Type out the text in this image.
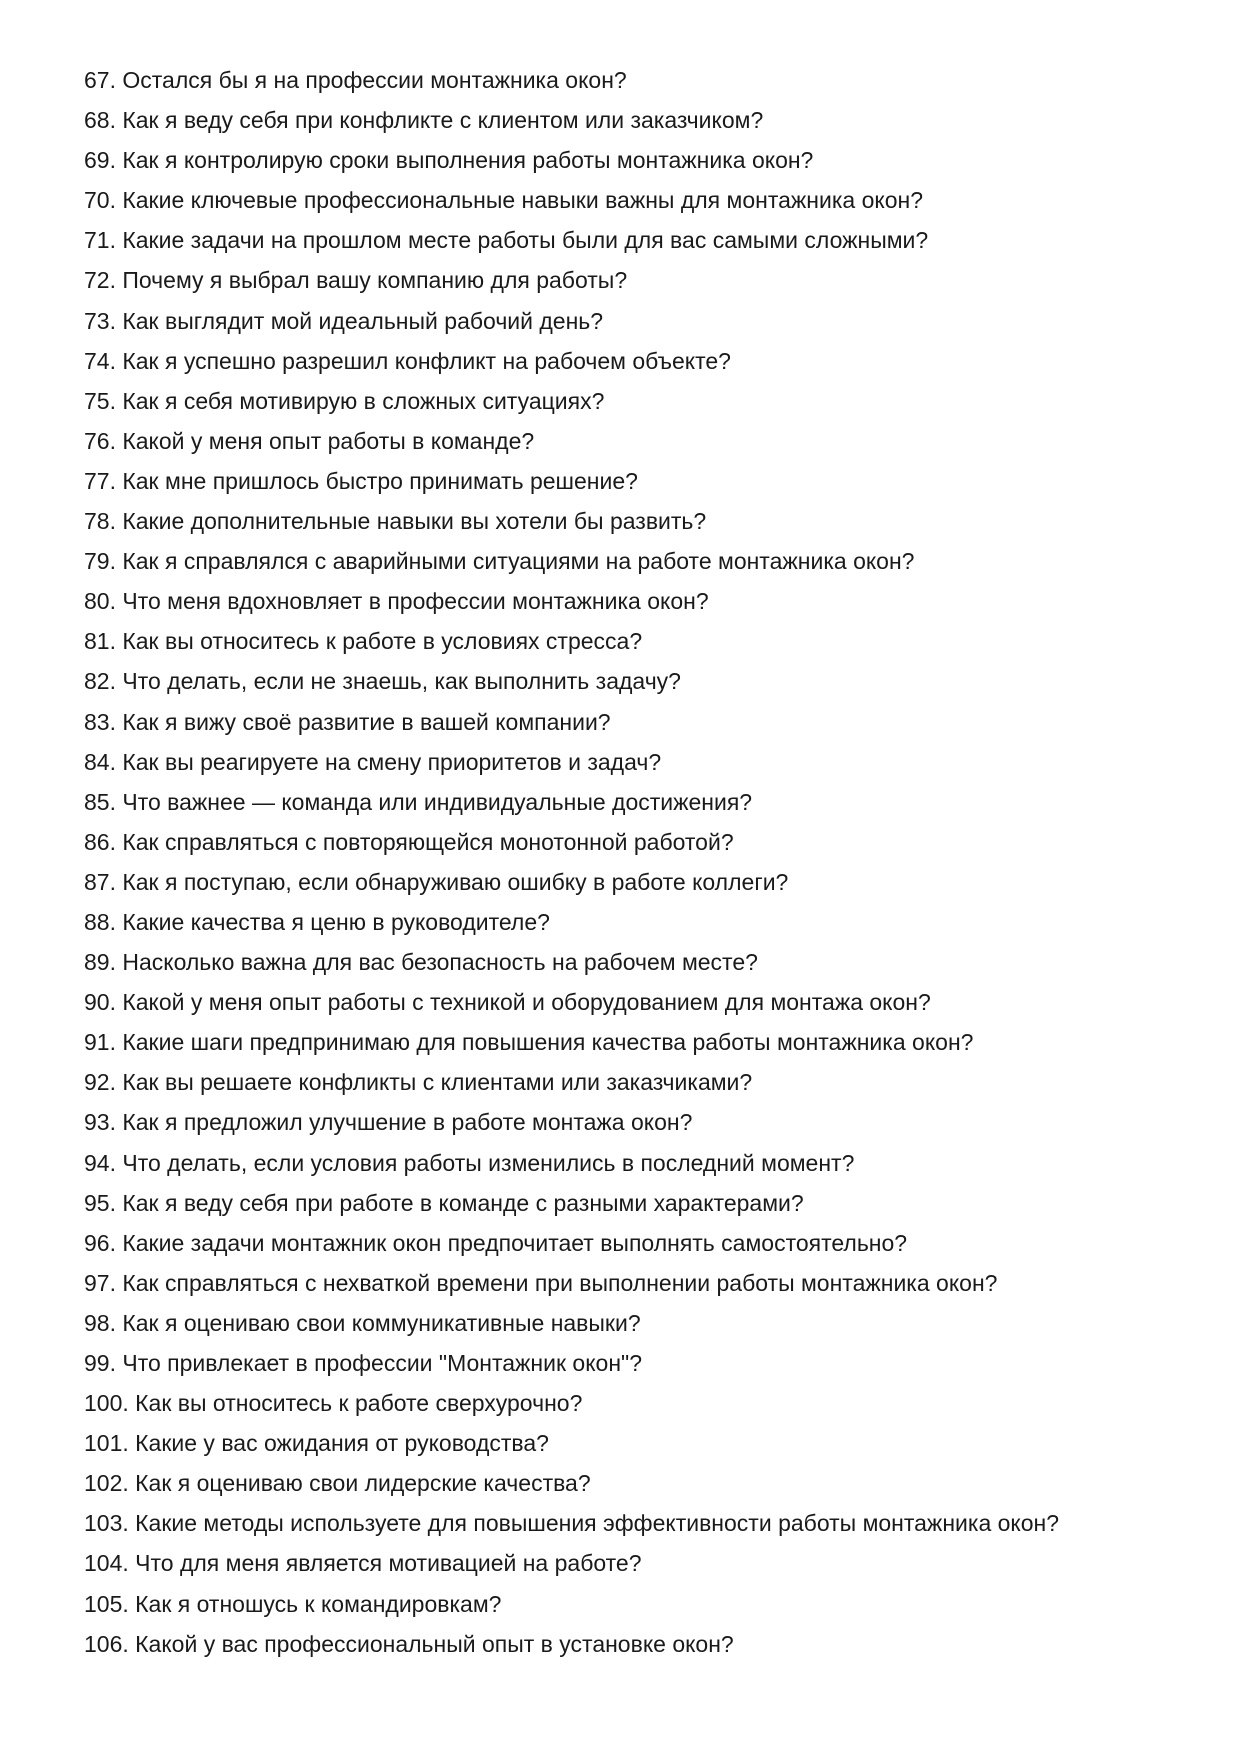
67. Остался бы я на профессии монтажника окон?
68. Как я веду себя при конфликте с клиентом или заказчиком?
69. Как я контролирую сроки выполнения работы монтажника окон?
70. Какие ключевые профессиональные навыки важны для монтажника окон?
71. Какие задачи на прошлом месте работы были для вас самыми сложными?
72. Почему я выбрал вашу компанию для работы?
73. Как выглядит мой идеальный рабочий день?
74. Как я успешно разрешил конфликт на рабочем объекте?
75. Как я себя мотивирую в сложных ситуациях?
76. Какой у меня опыт работы в команде?
77. Как мне пришлось быстро принимать решение?
78. Какие дополнительные навыки вы хотели бы развить?
79. Как я справлялся с аварийными ситуациями на работе монтажника окон?
80. Что меня вдохновляет в профессии монтажника окон?
81. Как вы относитесь к работе в условиях стресса?
82. Что делать, если не знаешь, как выполнить задачу?
83. Как я вижу своё развитие в вашей компании?
84. Как вы реагируете на смену приоритетов и задач?
85. Что важнее — команда или индивидуальные достижения?
86. Как справляться с повторяющейся монотонной работой?
87. Как я поступаю, если обнаруживаю ошибку в работе коллеги?
88. Какие качества я ценю в руководителе?
89. Насколько важна для вас безопасность на рабочем месте?
90. Какой у меня опыт работы с техникой и оборудованием для монтажа окон?
91. Какие шаги предпринимаю для повышения качества работы монтажника окон?
92. Как вы решаете конфликты с клиентами или заказчиками?
93. Как я предложил улучшение в работе монтажа окон?
94. Что делать, если условия работы изменились в последний момент?
95. Как я веду себя при работе в команде с разными характерами?
96. Какие задачи монтажник окон предпочитает выполнять самостоятельно?
97. Как справляться с нехваткой времени при выполнении работы монтажника окон?
98. Как я оцениваю свои коммуникативные навыки?
99. Что привлекает в профессии "Монтажник окон"?
100. Как вы относитесь к работе сверхурочно?
101. Какие у вас ожидания от руководства?
102. Как я оцениваю свои лидерские качества?
103. Какие методы используете для повышения эффективности работы монтажника окон?
104. Что для меня является мотивацией на работе?
105. Как я отношусь к командировкам?
106. Какой у вас профессиональный опыт в установке окон?
